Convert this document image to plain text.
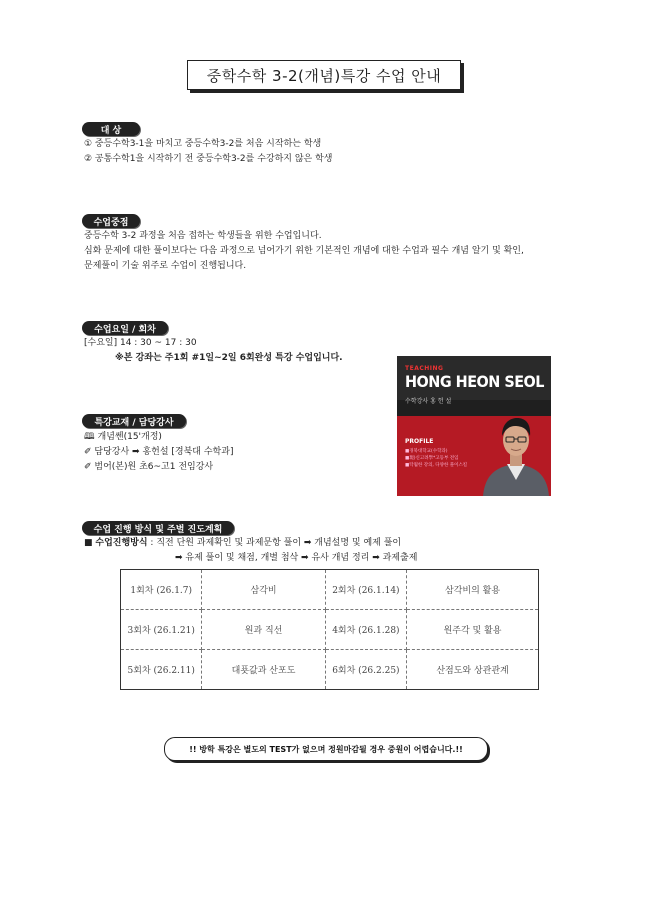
중학수학 3-2(개념)특강 수업 안내
대 상
① 중등수학3-1을 마치고 중등수학3-2를 처음 시작하는 학생
② 공통수학1을 시작하기 전 중등수학3-2를 수강하지 않은 학생
수업중점
중등수학 3-2 과정을 처음 접하는 학생들을 위한 수업입니다.
심화 문제에 대한 풀이보다는 다음 과정으로 넘어가기 위한 기본적인 개념에 대한 수업과 필수 개념 알기 및 확인,
문제풀이 기술 위주로 수업이 진행됩니다.
수업요일 / 회차
[수요일] 14 : 30 ~ 17 : 30
※본 강좌는 주1회 #1일~2일 6회완성 특강 수업입니다.
TEACHING
HONG HEON SEOL
수학강사 홍 헌 설
PROFILE
■경북대학교(수학과)
■現)신고려學*고등부 전임
■탁월한 강의, 다양한 풀이스킬
특강교재 / 담당강사
🕮 개념쎈(15'개정)
✐ 담당강사 ➡ 홍헌설 [경북대 수학과]
✐ 범어(본)원 초6~고1 전임강사
수업 진행 방식 및 주별 진도계획
■ 수업진행방식 : 직전 단원 과제확인 및 과제문항 풀이 ➡ 개념설명 및 예제 풀이
➡ 유제 풀이 및 채점, 개별 첨삭 ➡ 유사 개념 정리 ➡ 과제출제
1회차 (26.1.7)	삼각비	2회차 (26.1.14)	삼각비의 활용
3회차 (26.1.21)	원과 직선	4회차 (26.1.28)	원주각 및 활용
5회차 (26.2.11)	대푯값과 산포도	6회차 (26.2.25)	산점도와 상관관계
!! 방학 특강은 별도의 TEST가 없으며 정원마감될 경우 중원이 어렵습니다.!!
